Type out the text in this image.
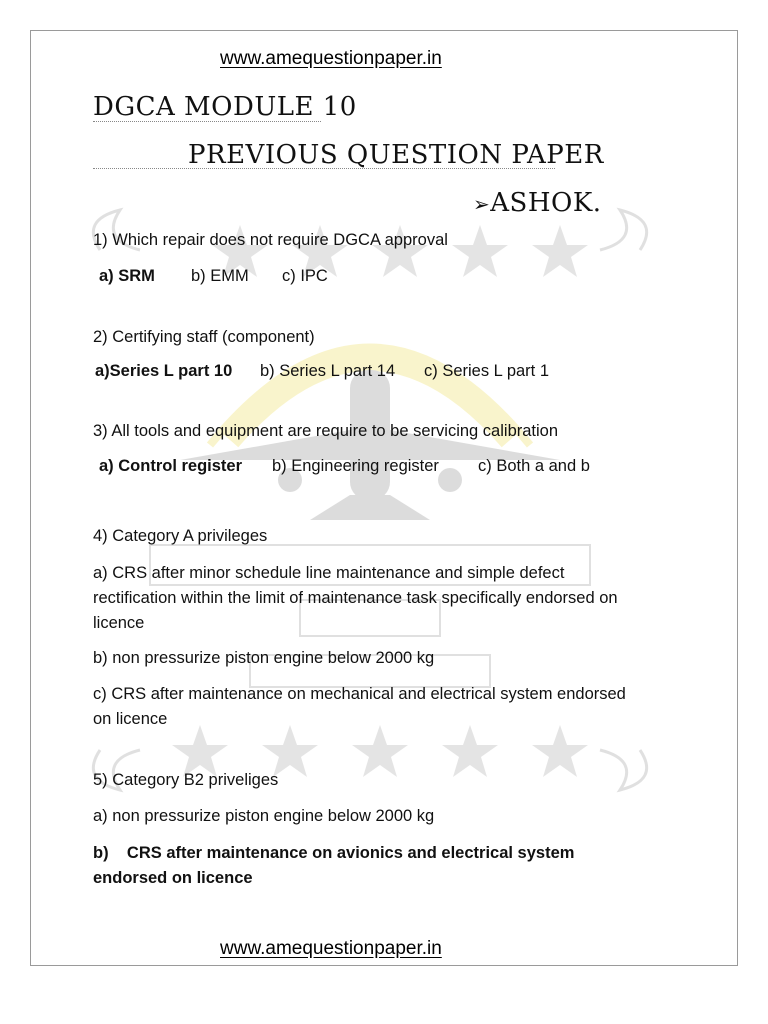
www.amequestionpaper.in
DGCA MODULE 10
PREVIOUS QUESTION PAPER
➢ASHOK.
1) Which repair does not require DGCA approval
a) SRM b) EMM c) IPC
2) Certifying staff (component)
a)Series L part 10 b) Series L part 14 c) Series L part 1
3) All tools and equipment are require to be servicing calibration
a) Control register b) Engineering register c) Both a and b
4) Category A privileges
a) CRS after minor schedule line maintenance and simple defect rectification within the limit of maintenance task specifically endorsed on licence
b) non pressurize piston engine below 2000 kg
c) CRS after maintenance on mechanical and electrical system endorsed on licence
5) Category B2 priveliges
a) non pressurize piston engine below 2000 kg
b)    CRS after maintenance on avionics and electrical system endorsed on licence
www.amequestionpaper.in
